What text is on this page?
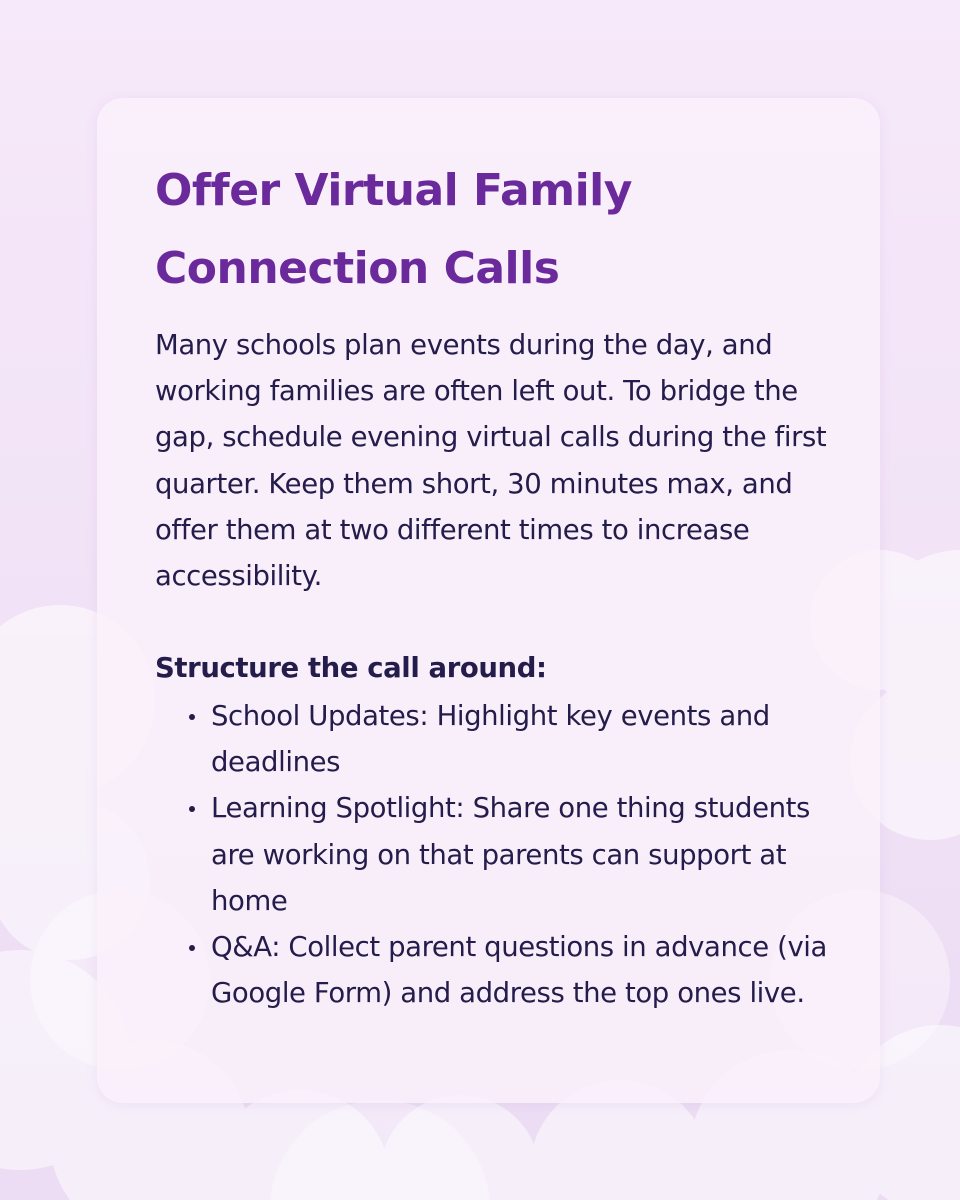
Offer Virtual Family Connection Calls

Many schools plan events during the day, and working families are often left out. To bridge the gap, schedule evening virtual calls during the first quarter. Keep them short, 30 minutes max, and offer them at two different times to increase accessibility.

Structure the call around:
School Updates: Highlight key events and deadlines
Learning Spotlight: Share one thing students are working on that parents can support at home
Q&A: Collect parent questions in advance (via Google Form) and address the top ones live.
